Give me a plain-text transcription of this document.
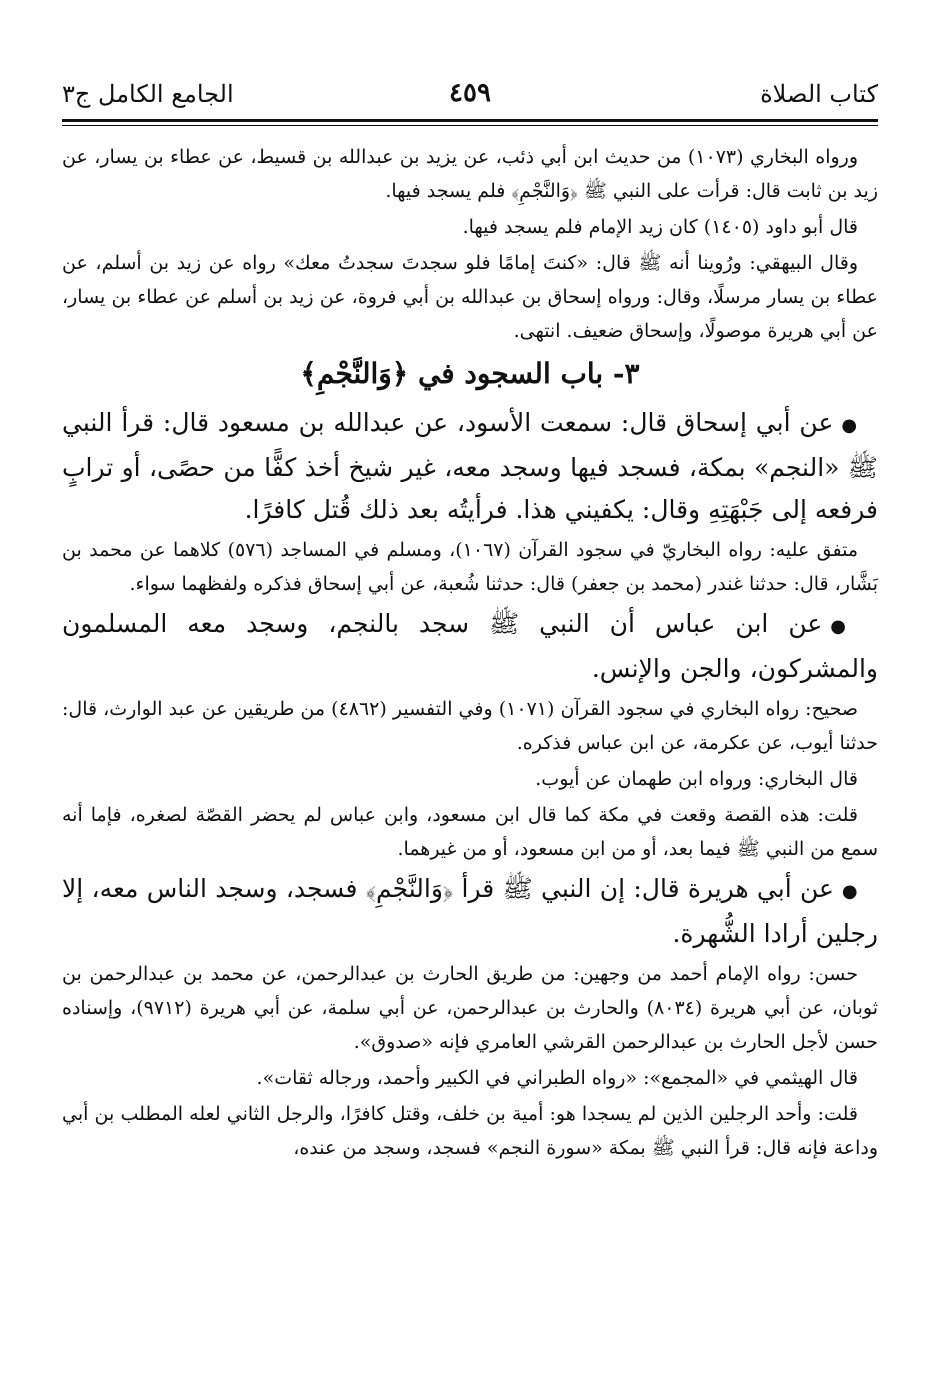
كتاب الصلاة
٤٥٩
الجامع الكامل ج٣

ورواه البخاري (١٠٧٣) من حديث ابن أبي ذئب، عن يزيد بن عبدالله بن قسيط، عن عطاء بن يسار، عن زيد بن ثابت قال: قرأت على النبي ﷺ ﴿وَالنَّجْمِ﴾ فلم يسجد فيها.

قال أبو داود (١٤٠٥) كان زيد الإمام فلم يسجد فيها.

وقال البيهقي: ورُوينا أنه ﷺ قال: «كنتَ إمامًا فلو سجدتَ سجدتُ معك» رواه عن زيد بن أسلم، عن عطاء بن يسار مرسلًا، وقال: ورواه إسحاق بن عبدالله بن أبي فروة، عن زيد بن أسلم عن عطاء بن يسار، عن أبي هريرة موصولًا، وإسحاق ضعيف. انتهى.

٣- باب السجود في ﴿وَالنَّجْمِ﴾

●عن أبي إسحاق قال: سمعت الأسود، عن عبدالله بن مسعود قال: قرأ النبي ﷺ «النجم» بمكة، فسجد فيها وسجد معه، غير شيخ أخذ كفًّا من حصًى، أو ترابٍ فرفعه إلى جَبْهَتِهِ وقال: يكفيني هذا. فرأيتُه بعد ذلك قُتل كافرًا.

متفق عليه: رواه البخاريّ في سجود القرآن (١٠٦٧)، ومسلم في المساجد (٥٧٦) كلاهما عن محمد بن بَشَّار، قال: حدثنا غندر (محمد بن جعفر) قال: حدثنا شُعبة، عن أبي إسحاق فذكره ولفظهما سواء.

●عن ابن عباس أن النبي ﷺ سجد بالنجم، وسجد معه المسلمون والمشركون، والجن والإنس.

صحيح: رواه البخاري في سجود القرآن (١٠٧١) وفي التفسير (٤٨٦٢) من طريقين عن عبد الوارث، قال: حدثنا أيوب، عن عكرمة، عن ابن عباس فذكره.

قال البخاري: ورواه ابن طهمان عن أيوب.

قلت: هذه القصة وقعت في مكة كما قال ابن مسعود، وابن عباس لم يحضر القصّة لصغره، فإما أنه سمع من النبي ﷺ فيما بعد، أو من ابن مسعود، أو من غيرهما.

●عن أبي هريرة قال: إن النبي ﷺ قرأ ﴿وَالنَّجْمِ﴾ فسجد، وسجد الناس معه، إلا رجلين أرادا الشُّهرة.

حسن: رواه الإمام أحمد من وجهين: من طريق الحارث بن عبدالرحمن، عن محمد بن عبدالرحمن بن ثوبان، عن أبي هريرة (٨٠٣٤) والحارث بن عبدالرحمن، عن أبي سلمة، عن أبي هريرة (٩٧١٢)، وإسناده حسن لأجل الحارث بن عبدالرحمن القرشي العامري فإنه «صدوق».

قال الهيثمي في «المجمع»: «رواه الطبراني في الكبير وأحمد، ورجاله ثقات».

قلت: وأحد الرجلين الذين لم يسجدا هو: أمية بن خلف، وقتل كافرًا، والرجل الثاني لعله المطلب بن أبي وداعة فإنه قال: قرأ النبي ﷺ بمكة «سورة النجم» فسجد، وسجد من عنده،
